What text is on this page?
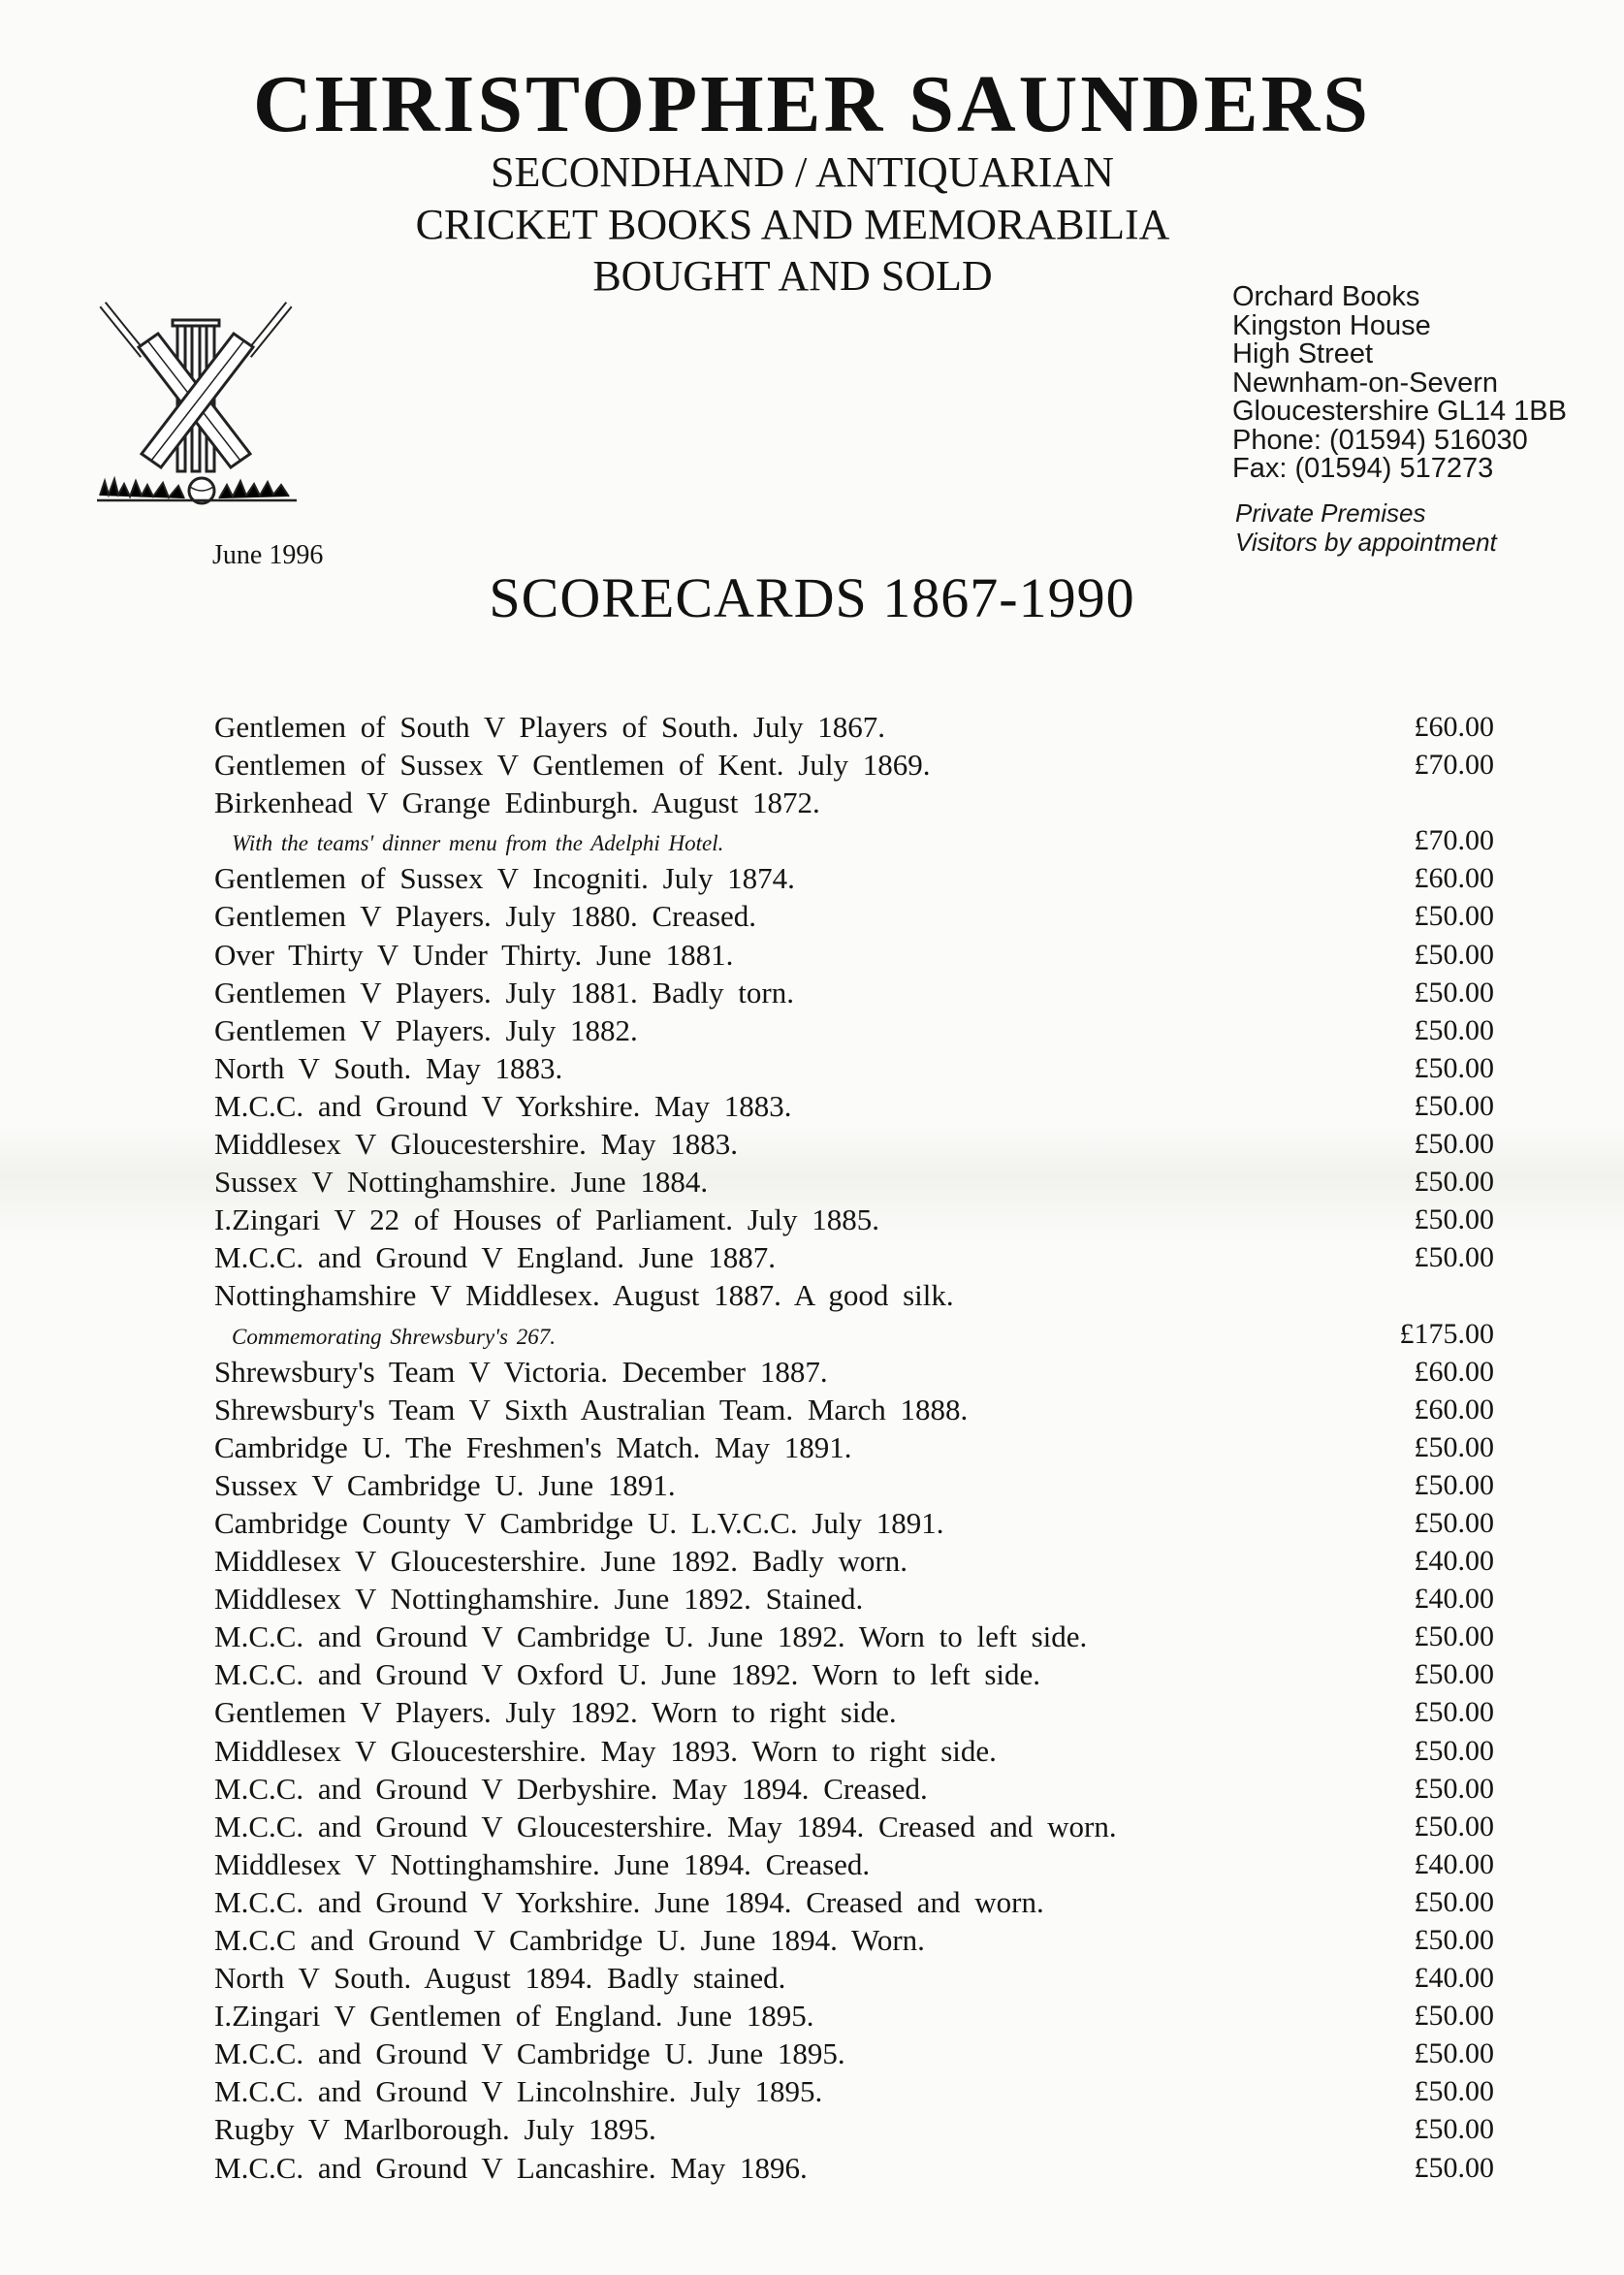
CHRISTOPHER SAUNDERS
SECONDHAND / ANTIQUARIAN
CRICKET BOOKS AND MEMORABILIA
BOUGHT AND SOLD	Orchard Books
Kingston House
High Street
Newnham-on-Severn
Gloucestershire GL14 1BB
Phone: (01594) 516030
Fax: (01594) 517273
Private Premises
Visitors by appointment
June 1996
SCORECARDS 1867-1990
Gentlemen of South V Players of South. July 1867.	£60.00
Gentlemen of Sussex V Gentlemen of Kent. July 1869.	£70.00
Birkenhead V Grange Edinburgh. August 1872.
With the teams' dinner menu from the Adelphi Hotel.	£70.00
Gentlemen of Sussex V Incogniti. July 1874.	£60.00
Gentlemen V Players. July 1880. Creased.	£50.00
Over Thirty V Under Thirty. June 1881.	£50.00
Gentlemen V Players. July 1881. Badly torn.	£50.00
Gentlemen V Players. July 1882.	£50.00
North V South. May 1883.	£50.00
M.C.C. and Ground V Yorkshire. May 1883.	£50.00
Middlesex V Gloucestershire. May 1883.	£50.00
Sussex V Nottinghamshire. June 1884.	£50.00
I.Zingari V 22 of Houses of Parliament. July 1885.	£50.00
M.C.C. and Ground V England. June 1887.	£50.00
Nottinghamshire V Middlesex. August 1887. A good silk.
Commemorating Shrewsbury's 267.	£175.00
Shrewsbury's Team V Victoria. December 1887.	£60.00
Shrewsbury's Team V Sixth Australian Team. March 1888.	£60.00
Cambridge U. The Freshmen's Match. May 1891.	£50.00
Sussex V Cambridge U. June 1891.	£50.00
Cambridge County V Cambridge U. L.V.C.C. July 1891.	£50.00
Middlesex V Gloucestershire. June 1892. Badly worn.	£40.00
Middlesex V Nottinghamshire. June 1892. Stained.	£40.00
M.C.C. and Ground V Cambridge U. June 1892. Worn to left side.	£50.00
M.C.C. and Ground V Oxford U. June 1892. Worn to left side.	£50.00
Gentlemen V Players. July 1892. Worn to right side.	£50.00
Middlesex V Gloucestershire. May 1893. Worn to right side.	£50.00
M.C.C. and Ground V Derbyshire. May 1894. Creased.	£50.00
M.C.C. and Ground V Gloucestershire. May 1894. Creased and worn.	£50.00
Middlesex V Nottinghamshire. June 1894. Creased.	£40.00
M.C.C. and Ground V Yorkshire. June 1894. Creased and worn.	£50.00
M.C.C and Ground V Cambridge U. June 1894. Worn.	£50.00
North V South. August 1894. Badly stained.	£40.00
I.Zingari V Gentlemen of England. June 1895.	£50.00
M.C.C. and Ground V Cambridge U. June 1895.	£50.00
M.C.C. and Ground V Lincolnshire. July 1895.	£50.00
Rugby V Marlborough. July 1895.	£50.00
M.C.C. and Ground V Lancashire. May 1896.	£50.00
